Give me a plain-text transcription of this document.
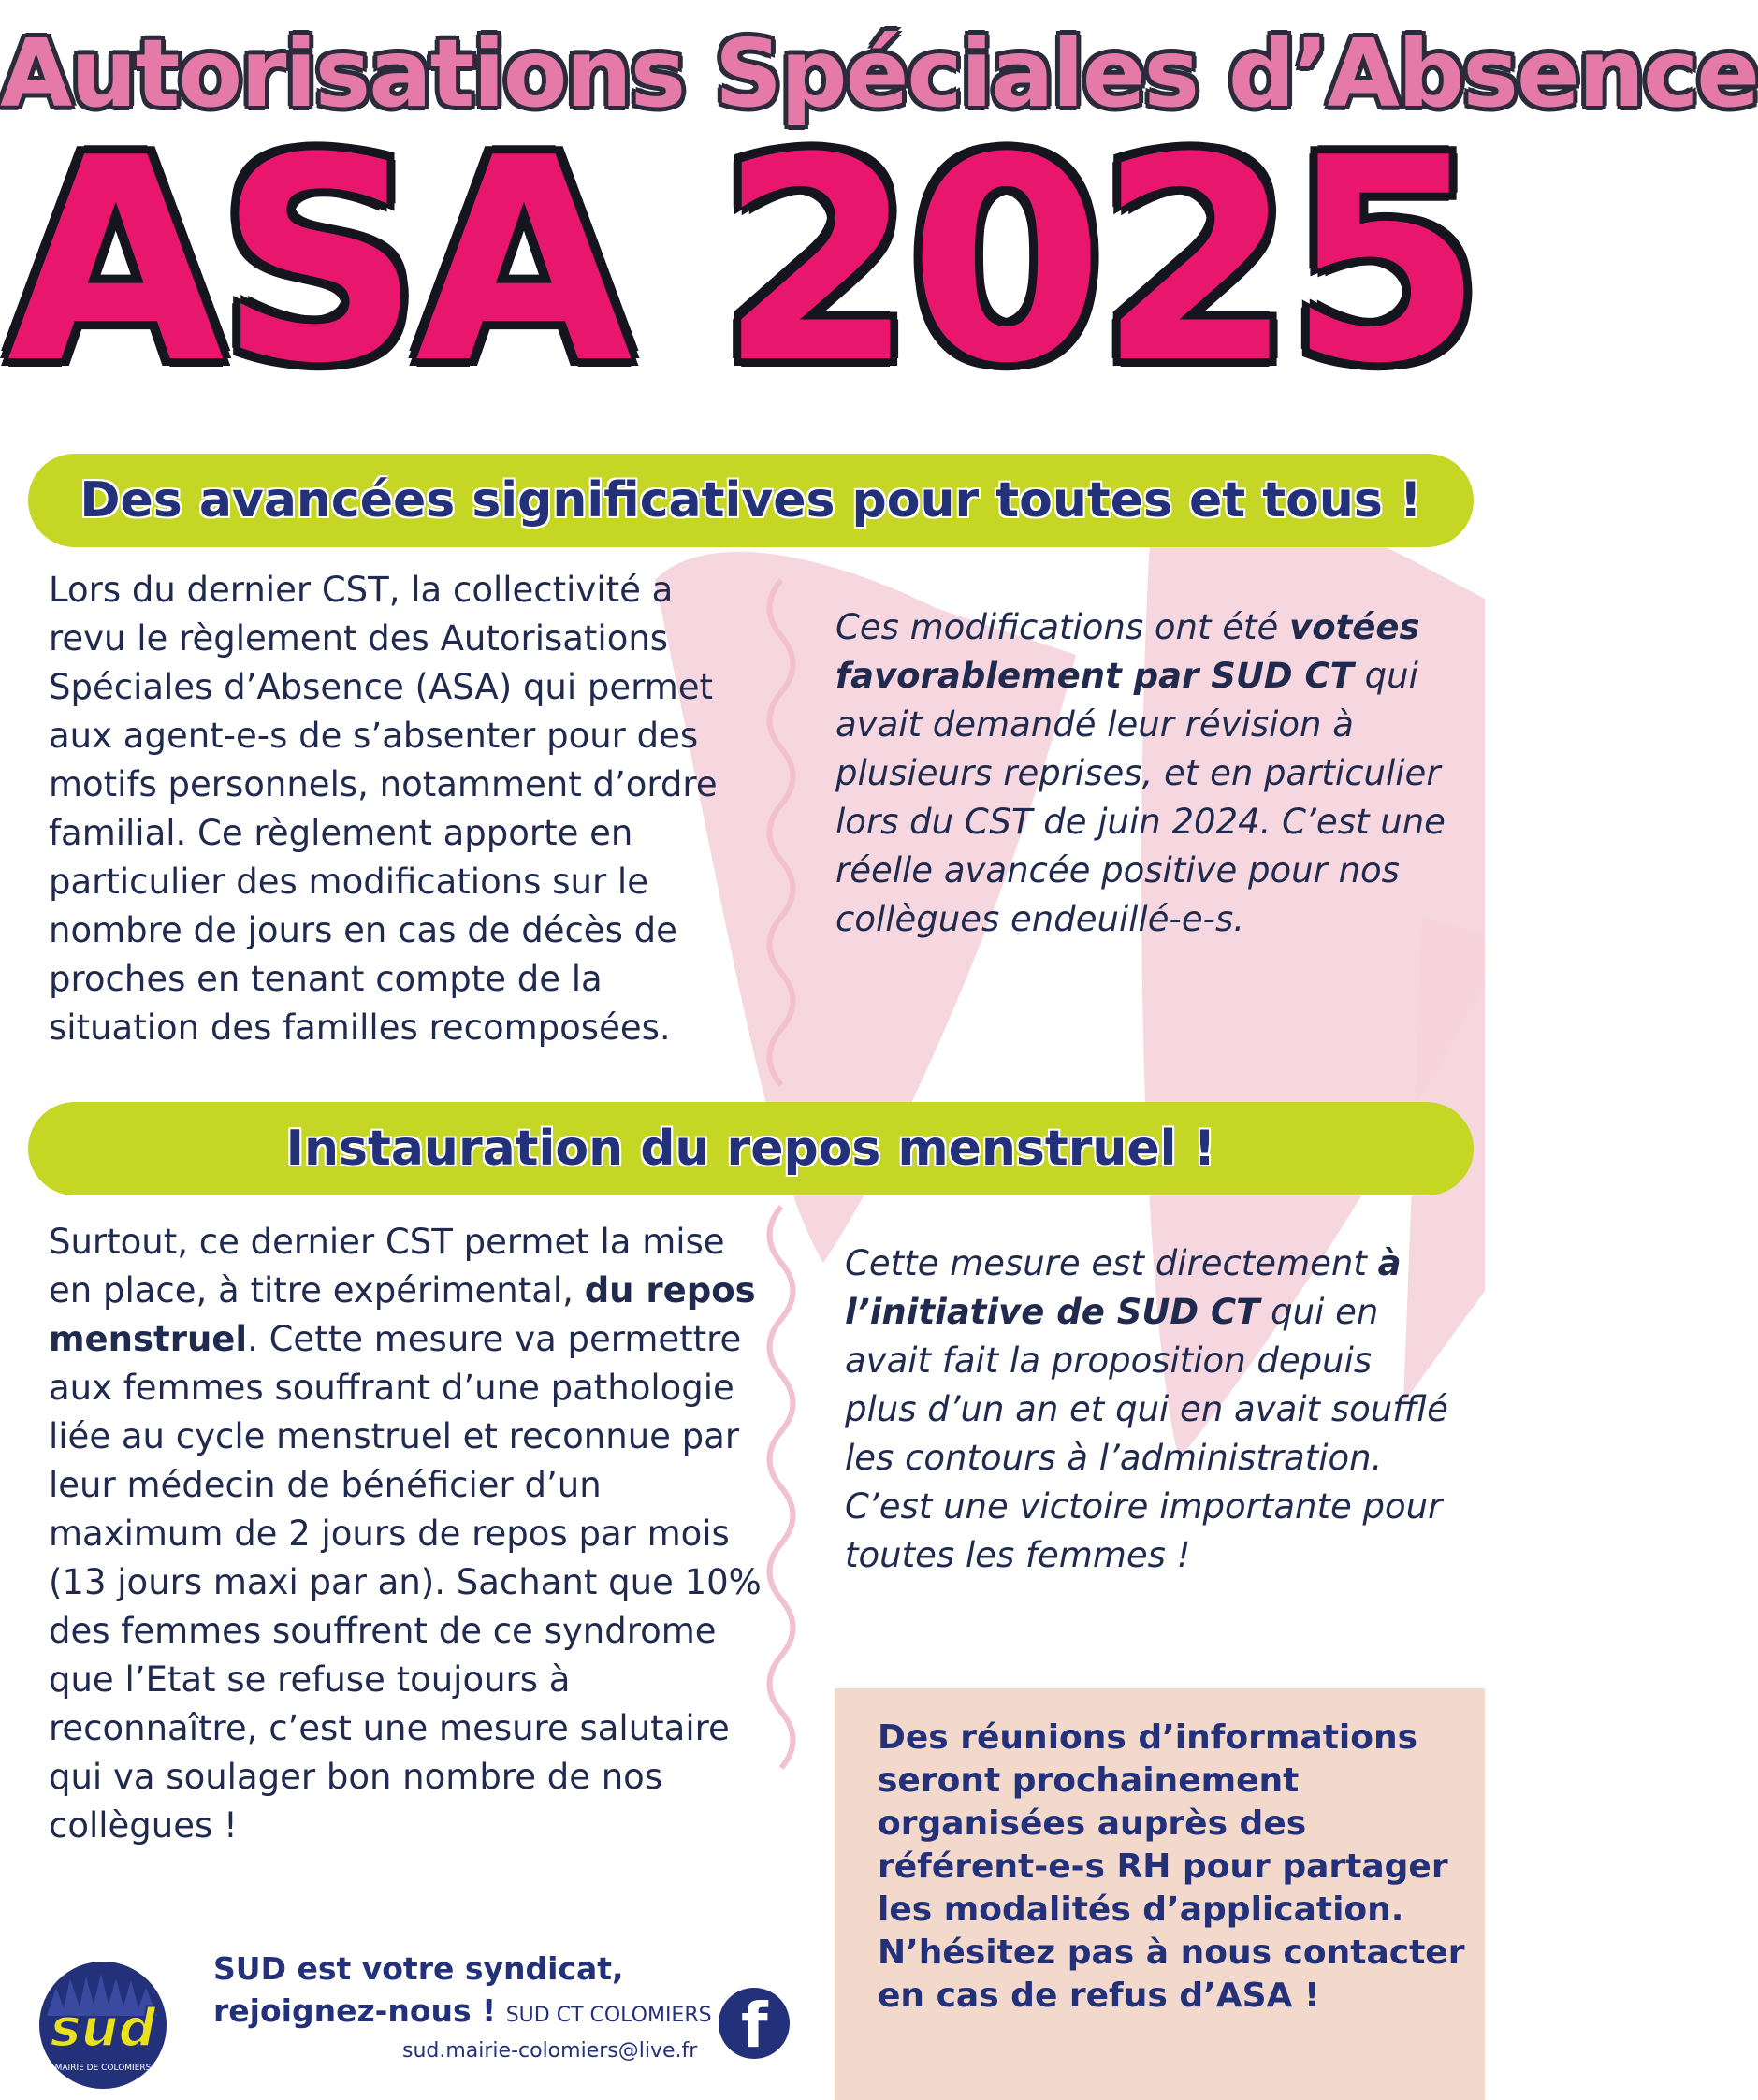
Autorisations Spéciales d’Absence
ASA 2025
Des avancées significatives pour toutes et tous !

Lors du dernier CST, la collectivité a revu le règlement des Autorisations Spéciales d’Absence (ASA) qui permet aux agent-e-s de s’absenter pour des motifs personnels, notamment d’ordre familial. Ce règlement apporte en particulier des modifications sur le nombre de jours en cas de décès de proches en tenant compte de la situation des familles recomposées.

Ces modifications ont été votées favorablement par SUD CT qui avait demandé leur révision à plusieurs reprises, et en particulier lors du CST de juin 2024. C’est une réelle avancée positive pour nos collègues endeuillé-e-s.

Instauration du repos menstruel !

Surtout, ce dernier CST permet la mise en place, à titre expérimental, du repos menstruel. Cette mesure va permettre aux femmes souffrant d’une pathologie liée au cycle menstruel et reconnue par leur médecin de bénéficier d’un maximum de 2 jours de repos par mois (13 jours maxi par an). Sachant que 10% des femmes souffrent de ce syndrome que l’Etat se refuse toujours à reconnaître, c’est une mesure salutaire qui va soulager bon nombre de nos collègues !

Cette mesure est directement à l’initiative de SUD CT qui en avait fait la proposition depuis plus d’un an et qui en avait soufflé les contours à l’administration. C’est une victoire importante pour toutes les femmes !

Des réunions d’informations seront prochainement organisées auprès des référent-e-s RH pour partager les modalités d’application. N’hésitez pas à nous contacter en cas de refus d’ASA !
sud
MAIRIE DE COLOMIERS
SUD est votre syndicat,
rejoignez-nous ! SUD CT COLOMIERS
sud.mairie-colomiers@live.fr f
